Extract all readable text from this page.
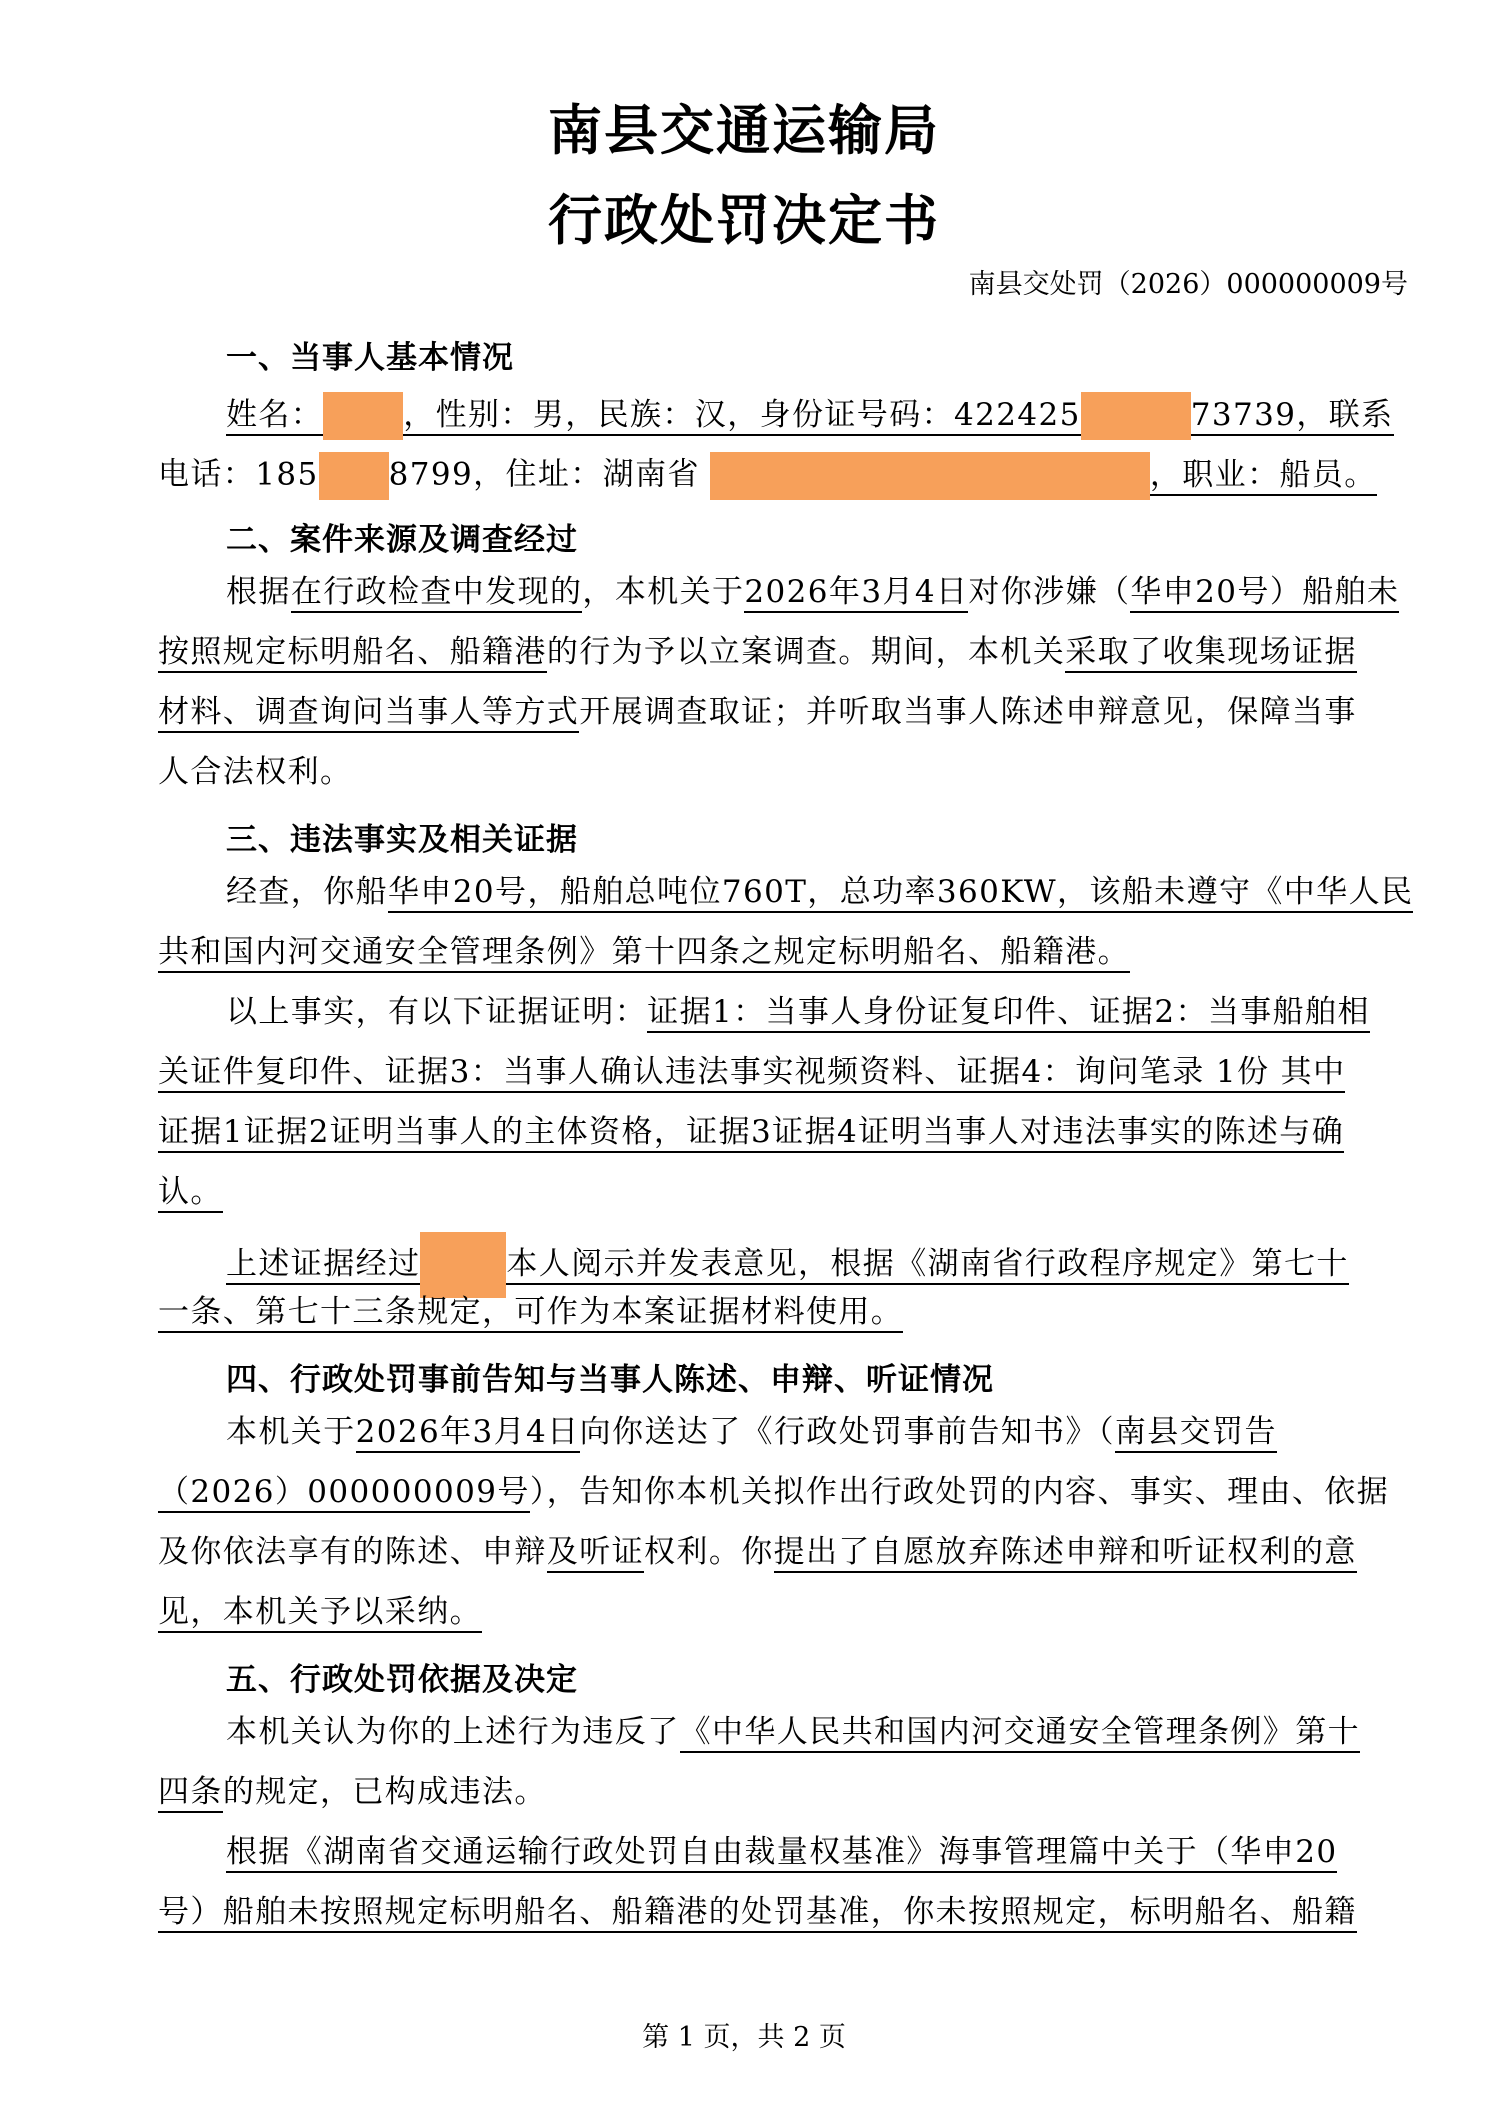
南县交通运输局
行政处罚决定书
南县交处罚（2026）000000009号
一、当事人基本情况
姓名：	，性别：男，民族：汉，身份证号码：422425	73739，联系
电话：185 8799，住址：湖南省	，职业：船员。
二、案件来源及调查经过
根据在行政检查中发现的，本机关于2026年3月4日对你涉嫌（华申20号）船舶未
按照规定标明船名、船籍港的行为予以立案调查。期间，本机关采取了收集现场证据
材料、调查询问当事人等方式开展调查取证；并听取当事人陈述申辩意见，保障当事
人合法权利。
三、违法事实及相关证据
经查，你船华申20号，船舶总吨位760T，总功率360KW，该船未遵守《中华人民
共和国内河交通安全管理条例》第十四条之规定标明船名、船籍港。
以上事实，有以下证据证明：证据1：当事人身份证复印件、证据2：当事船舶相
关证件复印件、证据3：当事人确认违法事实视频资料、证据4：询问笔录 1份 其中
证据1证据2证明当事人的主体资格，证据3证据4证明当事人对违法事实的陈述与确
认。
上述证据经过	本人阅示并发表意见，根据《湖南省行政程序规定》第七十
一条、第七十三条规定，可作为本案证据材料使用。
四、行政处罚事前告知与当事人陈述、申辩、听证情况
本机关于2026年3月4日向你送达了《行政处罚事前告知书》（南县交罚告
（2026）000000009号），告知你本机关拟作出行政处罚的内容、事实、理由、依据
及你依法享有的陈述、申辩及听证权利。你提出了自愿放弃陈述申辩和听证权利的意
见，本机关予以采纳。
五、行政处罚依据及决定
本机关认为你的上述行为违反了《中华人民共和国内河交通安全管理条例》第十
四条的规定，已构成违法。
根据《湖南省交通运输行政处罚自由裁量权基准》海事管理篇中关于（华申20
号）船舶未按照规定标明船名、船籍港的处罚基准，你未按照规定，标明船名、船籍
第 1 页，共 2 页
